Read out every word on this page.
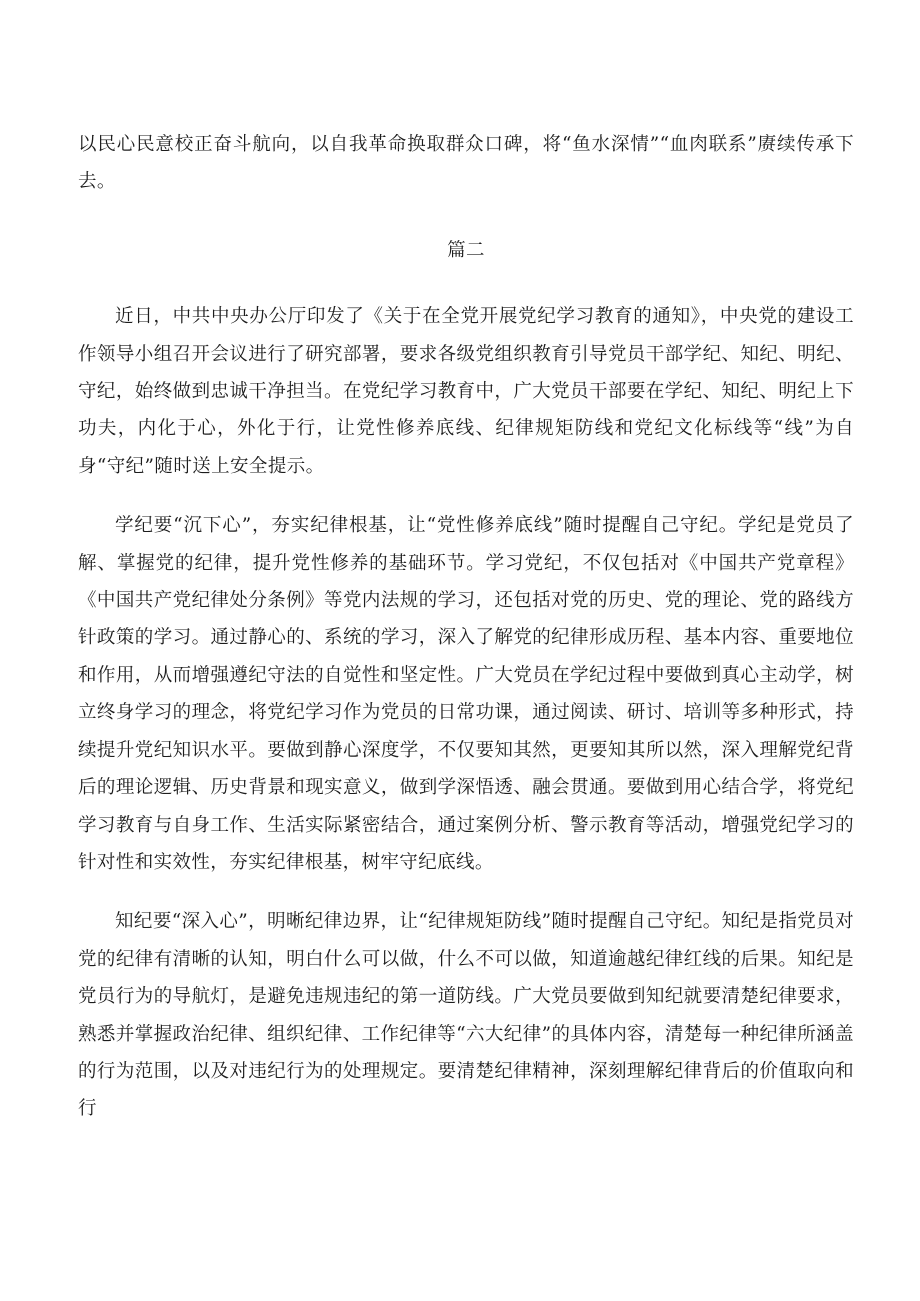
以民心民意校正奋斗航向，以自我革命换取群众口碑，将“鱼水深情”“血肉联系”赓续传承下去。

篇二

近日，中共中央办公厅印发了《关于在全党开展党纪学习教育的通知》，中央党的建设工作领导小组召开会议进行了研究部署，要求各级党组织教育引导党员干部学纪、知纪、明纪、守纪，始终做到忠诚干净担当。在党纪学习教育中，广大党员干部要在学纪、知纪、明纪上下功夫，内化于心，外化于行，让党性修养底线、纪律规矩防线和党纪文化标线等“线”为自身“守纪”随时送上安全提示。

学纪要“沉下心”，夯实纪律根基，让“党性修养底线”随时提醒自己守纪。学纪是党员了解、掌握党的纪律，提升党性修养的基础环节。学习党纪，不仅包括对《中国共产党章程》《中国共产党纪律处分条例》等党内法规的学习，还包括对党的历史、党的理论、党的路线方针政策的学习。通过静心的、系统的学习，深入了解党的纪律形成历程、基本内容、重要地位和作用，从而增强遵纪守法的自觉性和坚定性。广大党员在学纪过程中要做到真心主动学，树立终身学习的理念，将党纪学习作为党员的日常功课，通过阅读、研讨、培训等多种形式，持续提升党纪知识水平。要做到静心深度学，不仅要知其然，更要知其所以然，深入理解党纪背后的理论逻辑、历史背景和现实意义，做到学深悟透、融会贯通。要做到用心结合学，将党纪学习教育与自身工作、生活实际紧密结合，通过案例分析、警示教育等活动，增强党纪学习的针对性和实效性，夯实纪律根基，树牢守纪底线。

知纪要“深入心”，明晰纪律边界，让“纪律规矩防线”随时提醒自己守纪。知纪是指党员对党的纪律有清晰的认知，明白什么可以做，什么不可以做，知道逾越纪律红线的后果。知纪是党员行为的导航灯，是避免违规违纪的第一道防线。广大党员要做到知纪就要清楚纪律要求，熟悉并掌握政治纪律、组织纪律、工作纪律等“六大纪律”的具体内容，清楚每一种纪律所涵盖的行为范围，以及对违纪行为的处理规定。要清楚纪律精神，深刻理解纪律背后的价值取向和行
